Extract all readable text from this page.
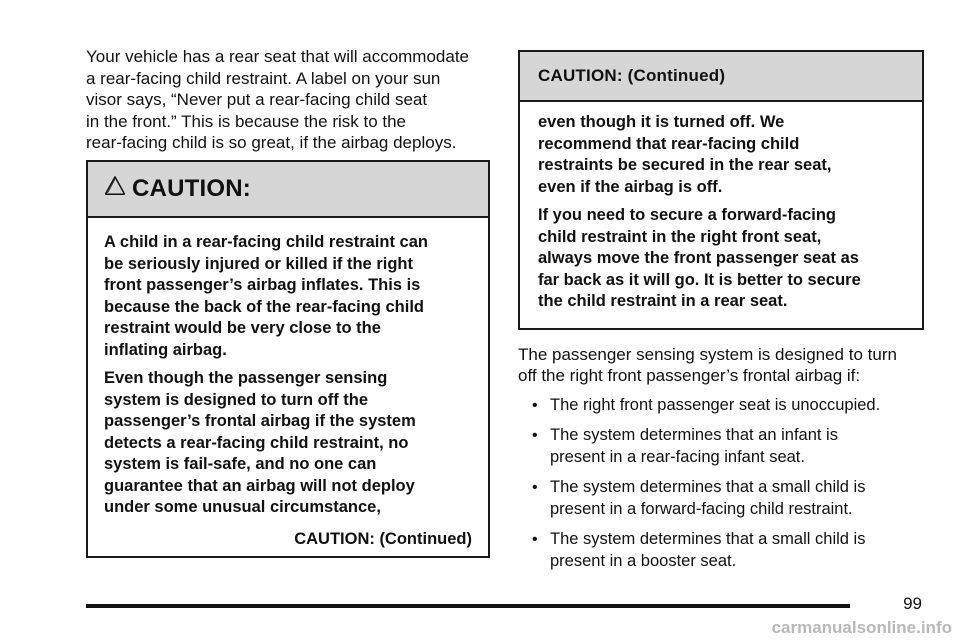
Your vehicle has a rear seat that will accommodate
a rear-facing child restraint. A label on your sun
visor says, “Never put a rear-facing child seat
in the front.” This is because the risk to the
rear-facing child is so great, if the airbag deploys.

CAUTION:

A child in a rear-facing child restraint can
be seriously injured or killed if the right
front passenger’s airbag inflates. This is
because the back of the rear-facing child
restraint would be very close to the
inflating airbag.

Even though the passenger sensing
system is designed to turn off the
passenger’s frontal airbag if the system
detects a rear-facing child restraint, no
system is fail-safe, and no one can
guarantee that an airbag will not deploy
under some unusual circumstance,

CAUTION: (Continued)

CAUTION: (Continued)

even though it is turned off. We
recommend that rear-facing child
restraints be secured in the rear seat,
even if the airbag is off.

If you need to secure a forward-facing
child restraint in the right front seat,
always move the front passenger seat as
far back as it will go. It is better to secure
the child restraint in a rear seat.

The passenger sensing system is designed to turn
off the right front passenger’s frontal airbag if:

• The right front passenger seat is unoccupied.
• The system determines that an infant is
present in a rear-facing infant seat.
• The system determines that a small child is
present in a forward-facing child restraint.
• The system determines that a small child is
present in a booster seat.
99
carmanualsonline.info
